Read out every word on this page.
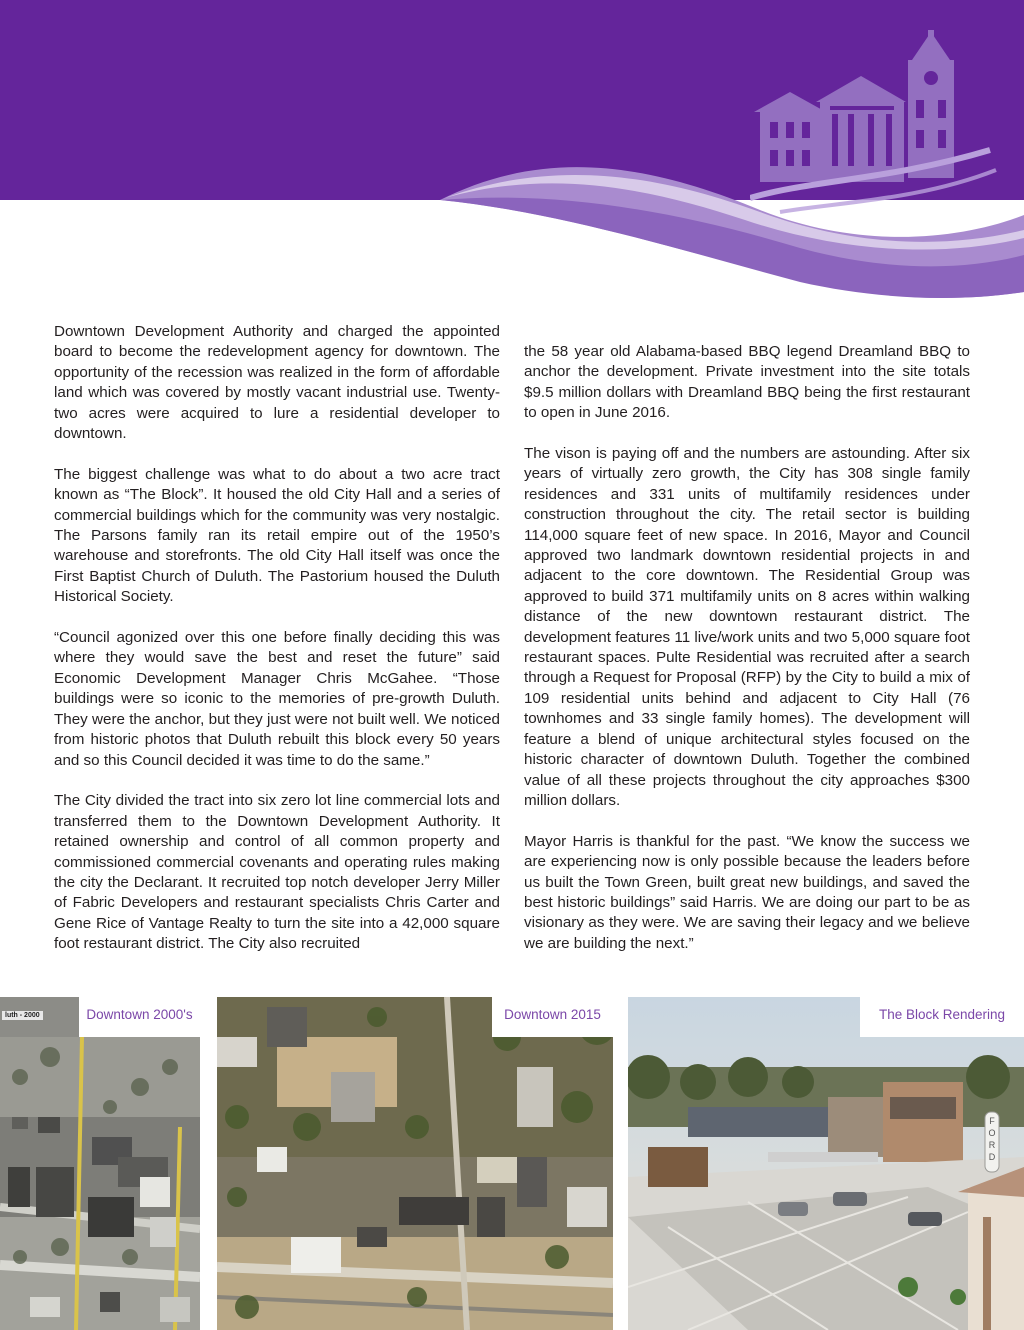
Downtown Development Authority and charged the appointed board to become the redevelopment agency for downtown. The opportunity of the recession was realized in the form of affordable land which was covered by mostly vacant industrial use. Twenty-two acres were acquired to lure a residential developer to downtown.

The biggest challenge was what to do about a two acre tract known as “The Block”. It housed the old City Hall and a series of commercial buildings which for the community was very nostalgic. The Parsons family ran its retail empire out of the 1950’s warehouse and storefronts. The old City Hall itself was once the First Baptist Church of Duluth. The Pastorium housed the Duluth Historical Society.

“Council agonized over this one before finally deciding this was where they would save the best and reset the future” said Economic Development Manager Chris McGahee. “Those buildings were so iconic to the memories of pre-growth Duluth. They were the anchor, but they just were not built well. We noticed from historic photos that Duluth rebuilt this block every 50 years and so this Council decided it was time to do the same.”

The City divided the tract into six zero lot line commercial lots and transferred them to the Downtown Development Authority. It retained ownership and control of all common property and commissioned commercial covenants and operating rules making the city the Declarant. It recruited top notch developer Jerry Miller of Fabric Developers and restaurant specialists Chris Carter and Gene Rice of Vantage Realty to turn the site into a 42,000 square foot restaurant district. The City also recruited

the 58 year old Alabama-based BBQ legend Dreamland BBQ to anchor the development. Private investment into the site totals $9.5 million dollars with Dreamland BBQ being the first restaurant to open in June 2016.

The vison is paying off and the numbers are astounding. After six years of virtually zero growth, the City has 308 single family residences and 331 units of multifamily residences under construction throughout the city. The retail sector is building 114,000 square feet of new space. In 2016, Mayor and Council approved two landmark downtown residential projects in and adjacent to the core downtown. The Residential Group was approved to build 371 multifamily units on 8 acres within walking distance of the new downtown restaurant district. The development features 11 live/work units and two 5,000 square foot restaurant spaces. Pulte Residential was recruited after a search through a Request for Proposal (RFP) by the City to build a mix of 109 residential units behind and adjacent to City Hall (76 townhomes and 33 single family homes). The development will feature a blend of unique architectural styles focused on the historic character of downtown Duluth. Together the combined value of all these projects throughout the city approaches $300 million dollars.

Mayor Harris is thankful for the past. “We know the success we are experiencing now is only possible because the leaders before us built the Town Green, built great new buildings, and saved the best historic buildings” said Harris. We are doing our part to be as visionary as they were. We are saving their legacy and we believe we are building the next.”

luth - 2000	Downtown 2000's	Downtown 2015
FORD
The Block Rendering
